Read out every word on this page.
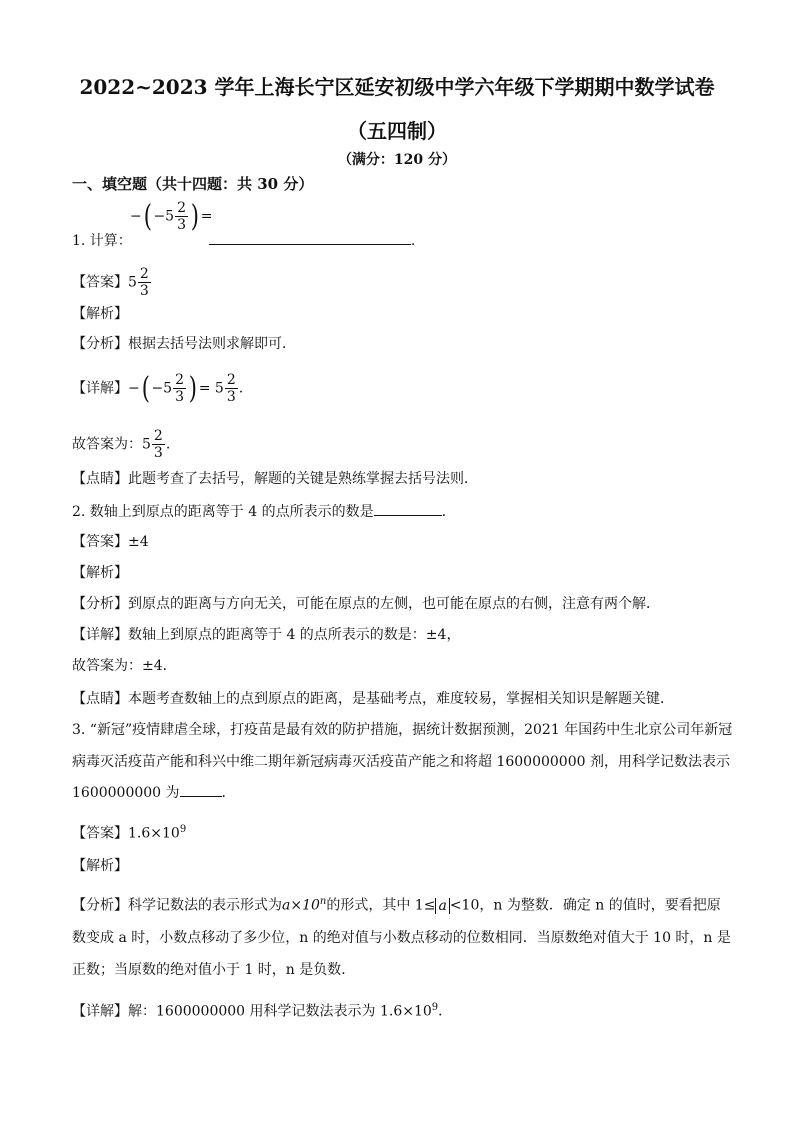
2022~2023 学年上海长宁区延安初级中学六年级下学期期中数学试卷
（五四制）
（满分：120 分）
一、填空题（共十四题：共 30 分）
−( $-5 \frac{2}{3}$ ) =
1. 计算：	.
【答案】$5 \frac{2}{3}$
【解析】
【分析】根据去括号法则求解即可．
【详解】−( $-5 \frac{2}{3}$ ) = $5 \frac{2}{3}$ .
故答案为：$5 \frac{2}{3}$ .
【点睛】此题考查了去括号，解题的关键是熟练掌握去括号法则．
2. 数轴上到原点的距离等于 4 的点所表示的数是	.
【答案】±4
【解析】
【分析】到原点的距离与方向无关，可能在原点的左侧，也可能在原点的右侧，注意有两个解．
【详解】数轴上到原点的距离等于 4 的点所表示的数是：±4，
故答案为：±4．
【点睛】本题考查数轴上的点到原点的距离，是基础考点，难度较易，掌握相关知识是解题关键．
3. “新冠”疫情肆虐全球，打疫苗是最有效的防护措施，据统计数据预测，2021 年国药中生北京公司年新冠
病毒灭活疫苗产能和科兴中维二期年新冠病毒灭活疫苗产能之和将超 1600000000 剂，用科学记数法表示
1600000000 为	．
【答案】$1.6\times 10^9$
【解析】
【分析】科学记数法的表示形式为$a\times 10^n$的形式，其中 1≤ a <10，n 为整数．确定 n 的值时，要看把原
数变成 a 时，小数点移动了多少位，n 的绝对值与小数点移动的位数相同．当原数绝对值大于 10 时，n 是
正数；当原数的绝对值小于 1 时，n 是负数．
【详解】解：1600000000 用科学记数法表示为 $1.6\times 10^9$．
